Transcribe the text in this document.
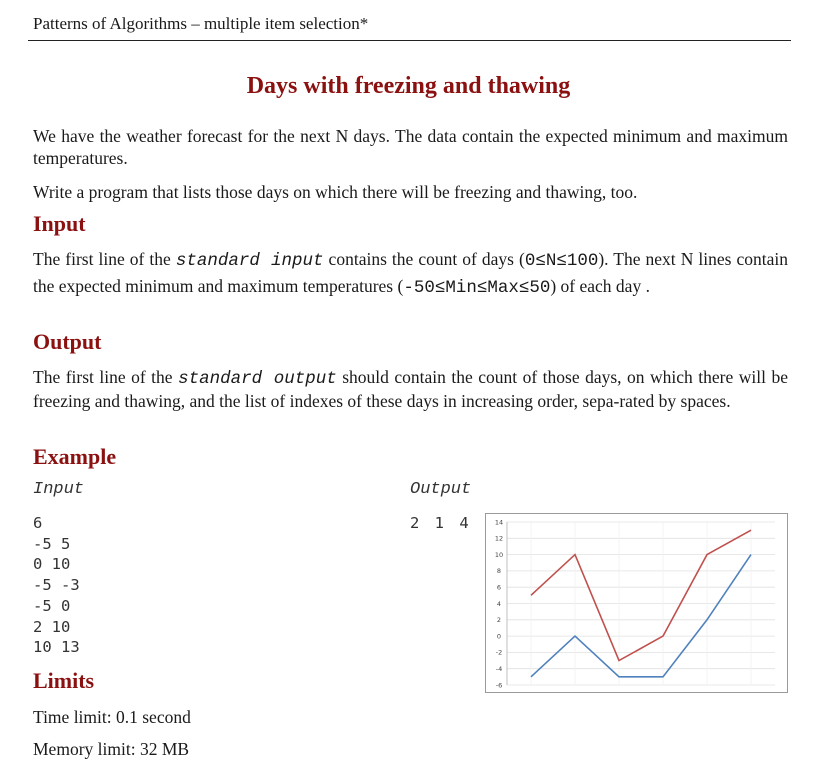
Patterns of Algorithms – multiple item selection*
Days with freezing and thawing
We have the weather forecast for the next N days. The data contain the expected minimum and maximum temperatures.
Write a program that lists those days on which there will be freezing and thawing, too.
Input
The first line of the standard input contains the count of days (0≤N≤100). The next N lines contain the expected minimum and maximum temperatures (-50≤Min≤Max≤50) of each day .
Output
The first line of the standard output should contain the count of those days, on which there will be freezing and thawing, and the list of indexes of these days in increasing order, sepa-rated by spaces.
Example
Input	Output
6
-5 5
0 10
-5 -3
-5 0
2 10
10 13
2 1 4	14
12
10
8
6
4
2
0
-2
-4
-6
Limits
Time limit: 0.1 second
Memory limit: 32 MB
